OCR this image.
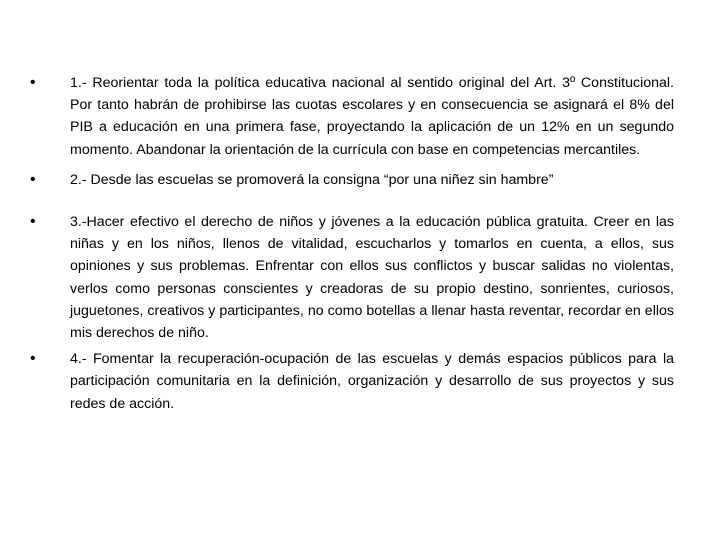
•	1.- Reorientar toda la política educativa nacional al sentido original del Art. 3º Constitucional. Por tanto habrán de prohibirse las cuotas escolares y en consecuencia se asignará el 8% del PIB a educación en una primera fase, proyectando la aplicación de un 12% en un segundo momento. Abandonar la orientación de la currícula con base en competencias mercantiles.
•	2.- Desde las escuelas se promoverá la consigna “por una niñez sin hambre”
•	3.-Hacer efectivo el derecho de niños y jóvenes a la educación pública gratuita. Creer en las niñas y en los niños, llenos de vitalidad, escucharlos y tomarlos en cuenta, a ellos, sus opiniones y sus problemas. Enfrentar con ellos sus conflictos y buscar salidas no violentas, verlos como personas conscientes y creadoras de su propio destino, sonrientes, curiosos, juguetones, creativos y participantes, no como botellas a llenar hasta reventar, recordar en ellos mis derechos de niño.
•	4.- Fomentar la recuperación-ocupación de las escuelas y demás espacios públicos para la participación comunitaria en la definición, organización y desarrollo de sus proyectos y sus redes de acción.
